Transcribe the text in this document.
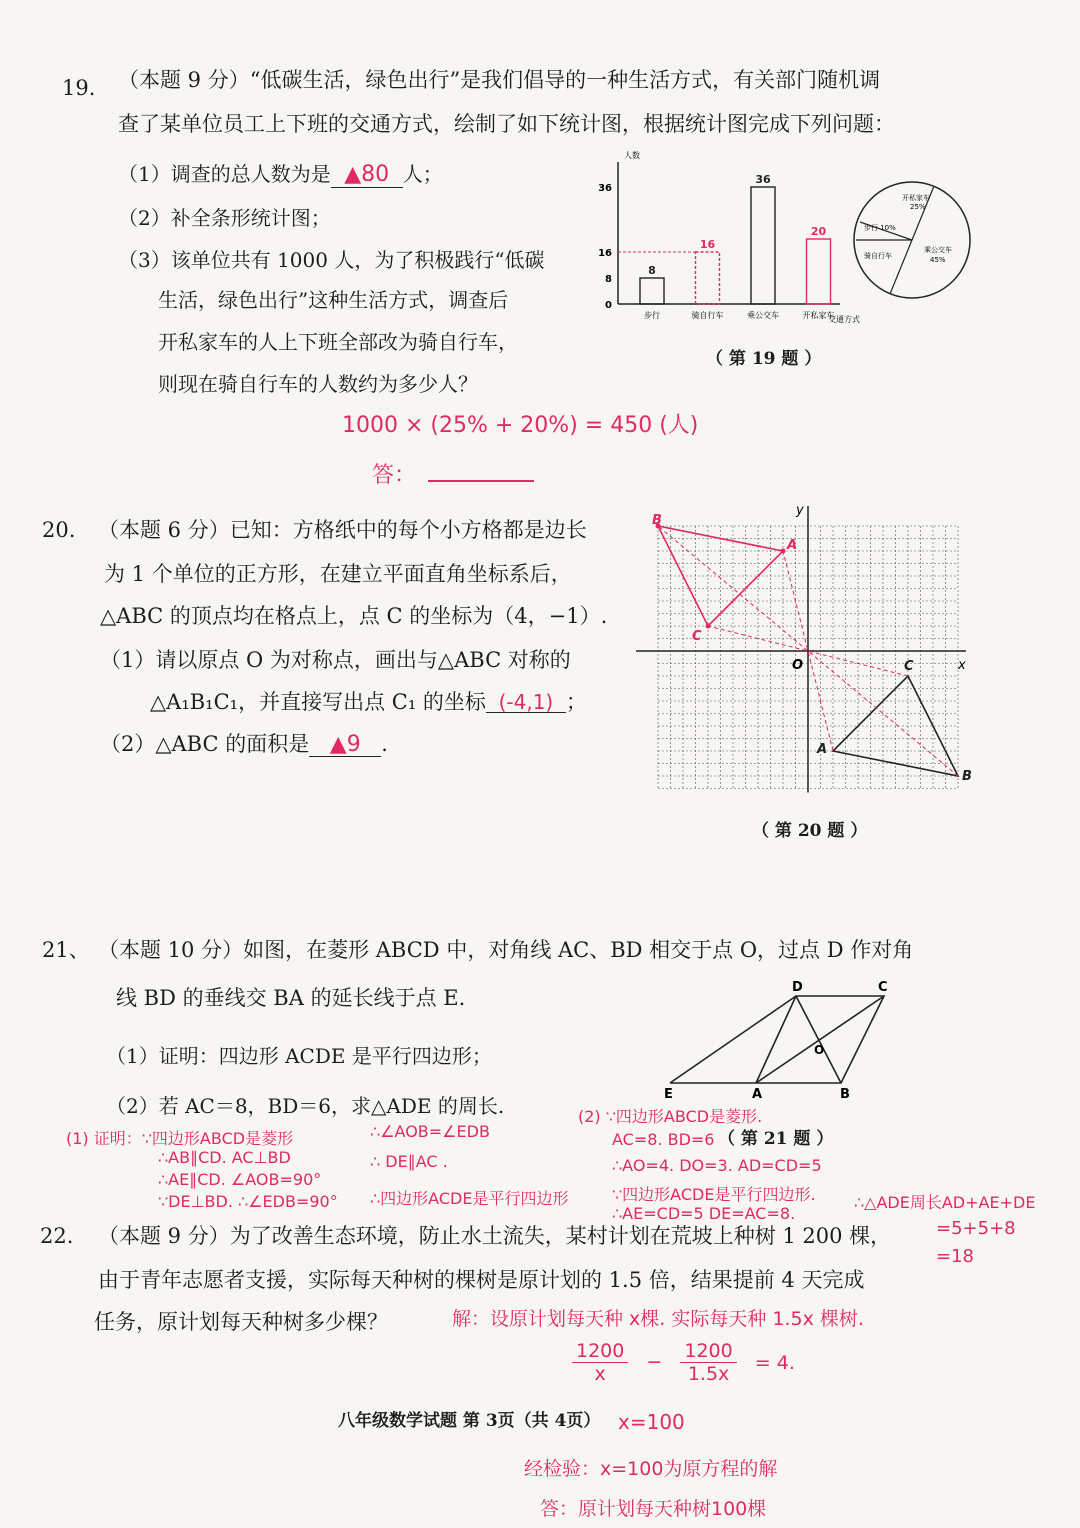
19. （本题 9 分）“低碳生活，绿色出行”是我们倡导的一种生活方式，有关部门随机调
查了某单位员工上下班的交通方式，绘制了如下统计图，根据统计图完成下列问题：
（1）调查的总人数为是 ▲80 人；
（2）补全条形统计图；
（3）该单位共有 1000 人，为了积极践行“低碳
生活，绿色出行”这种生活方式，调查后
开私家车的人上下班全部改为骑自行车，
则现在骑自行车的人数约为多少人？
1000 × (25% + 20%) = 450 (人)
答：
人数
交通方式
0
8
16
36
8
步行
16
骑自行车
36
乘公交车
20
开私家车
开私家车
25%
步行 10%
骑自行车
乘公交车
45%
（ 第 19 题 ）
20. （本题 6 分）已知：方格纸中的每个小方格都是边长
为 1 个单位的正方形，在建立平面直角坐标系后，
△ABC 的顶点均在格点上，点 C 的坐标为（4，−1）.
（1）请以原点 O 为对称点，画出与△ABC 对称的
△A₁B₁C₁，并直接写出点 C₁ 的坐标 (-4,1) ；
（2）△ABC 的面积是 ▲9 .
x
y
O
A
B
C
A
B
C
（ 第 20 题 ）
21、 （本题 10 分）如图，在菱形 ABCD 中，对角线 AC、BD 相交于点 O，过点 D 作对角
线 BD 的垂线交 BA 的延长线于点 E.
（1）证明：四边形 ACDE 是平行四边形；
（2）若 AC＝8，BD＝6，求△ADE 的周长.
D	C
O
E	A	B
（ 第 21 题 ）
(1) 证明：∵四边形ABCD是菱形
∴AB∥CD. AC⊥BD
∴AE∥CD. ∠AOB=90°
∵DE⊥BD. ∴∠EDB=90°
∴∠AOB=∠EDB
∴ DE∥AC .
∴四边形ACDE是平行四边形
(2) ∵四边形ABCD是菱形.
AC=8. BD=6
∴AO=4. DO=3. AD=CD=5
∵四边形ACDE是平行四边形.
∴AE=CD=5 DE=AC=8.
∴△ADE周长AD+AE+DE
=5+5+8
=18
22. （本题 9 分）为了改善生态环境，防止水土流失，某村计划在荒坡上种树 1 200 棵，
由于青年志愿者支援，实际每天种树的棵树是原计划的 1.5 倍，结果提前 4 天完成
任务，原计划每天种树多少棵？	解：设原计划每天种 x棵. 实际每天种 1.5x 棵树.
$\frac{1200}{x} - \frac{1200}{1.5x} = 4$.
x=100
经检验：x=100为原方程的解
答：原计划每天种树100棵
八年级数学试题 第 3页（共 4页）
